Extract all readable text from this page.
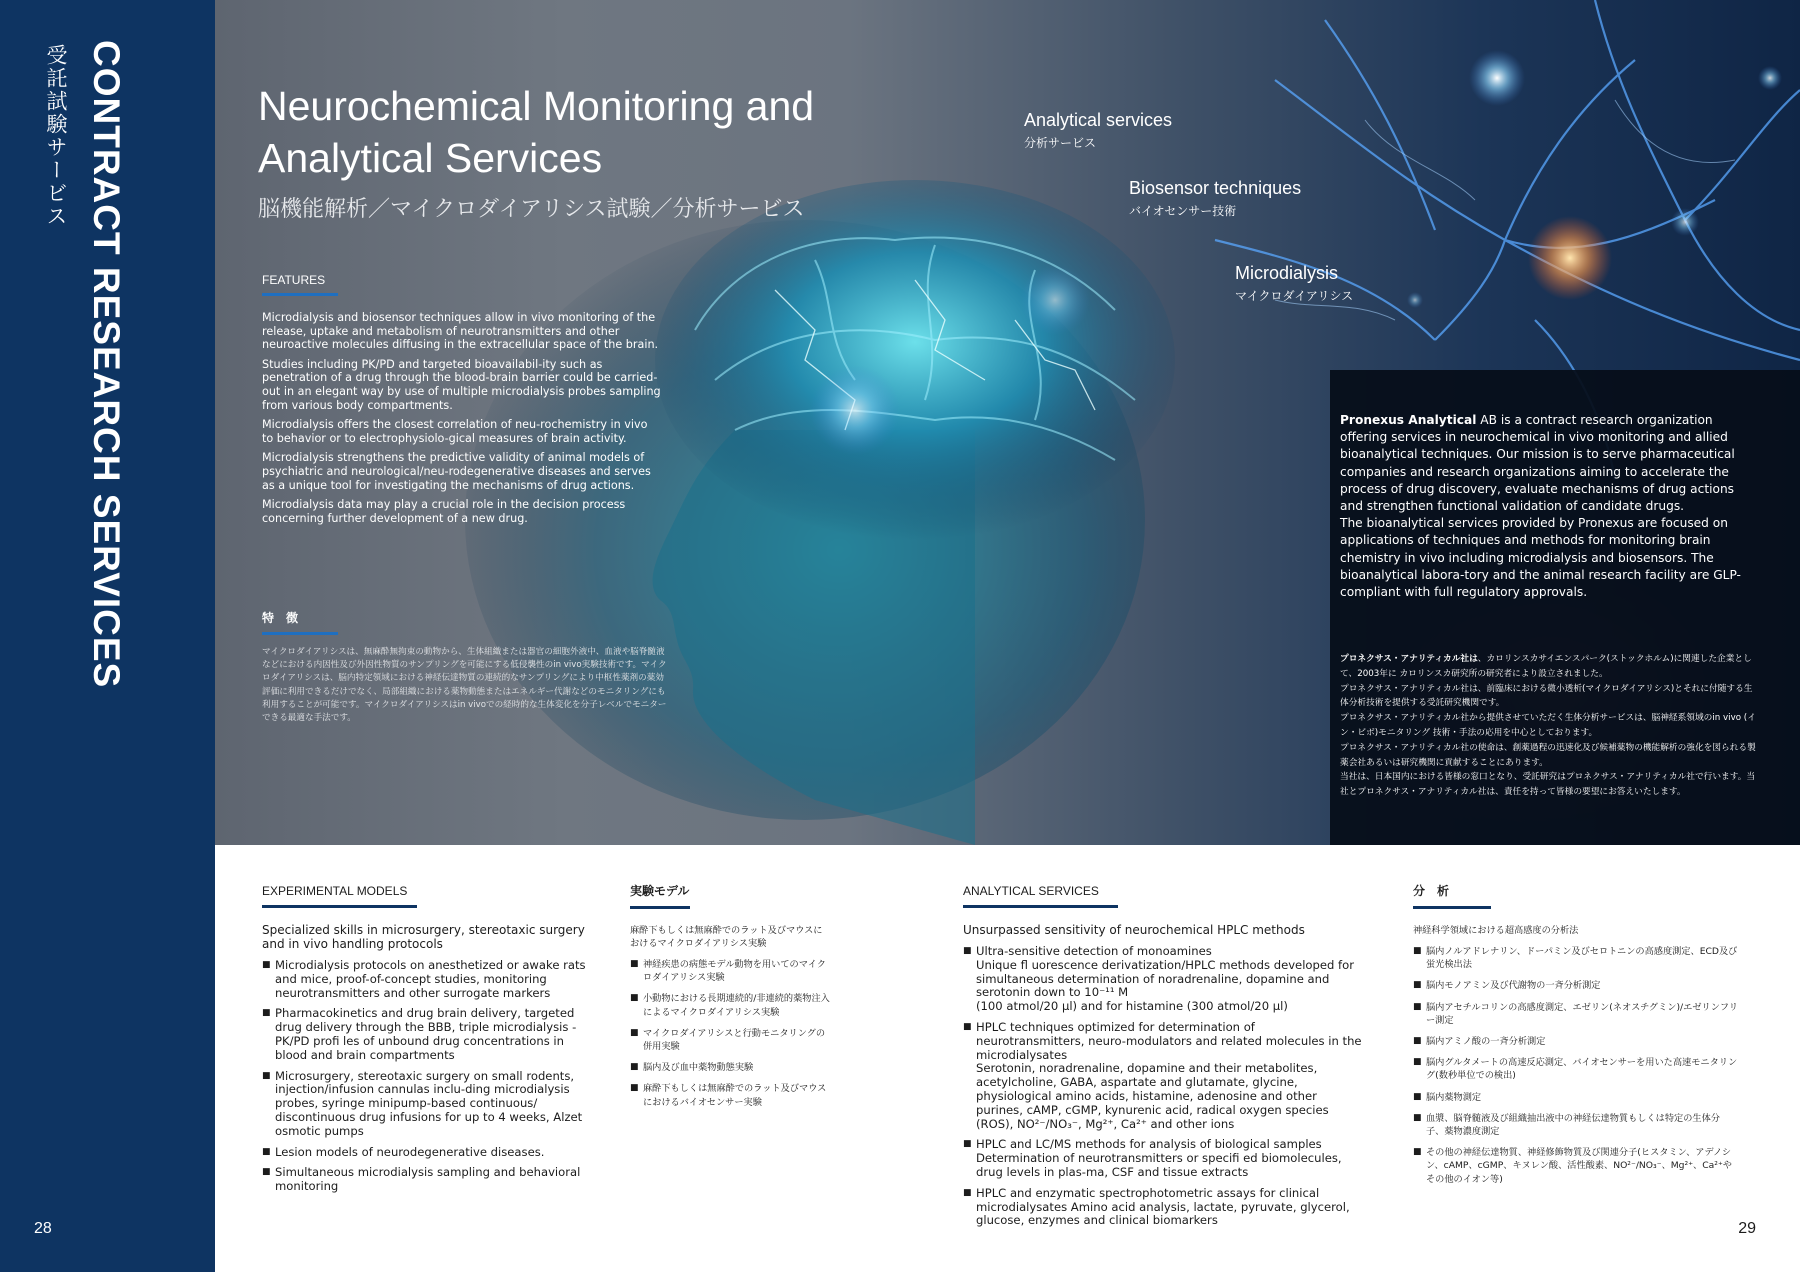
CONTRACT RESEARCH SERVICES
受託試験サービス
28
Neurochemical Monitoring and
Analytical Services
脳機能解析／マイクロダイアリシス試験／分析サービス
FEATURES

Microdialysis and biosensor techniques allow in vivo monitoring of the release, uptake and metabolism of neurotransmitters and other neuroactive molecules diffusing in the extracellular space of the brain.

Studies including PK/PD and targeted bioavailabil-ity such as penetration of a drug through the blood-brain barrier could be carried-out in an elegant way by use of multiple microdialysis probes sampling from various body compartments.

Microdialysis offers the closest correlation of neu-rochemistry in vivo to behavior or to electrophysiolo-gical measures of brain activity.

Microdialysis strengthens the predictive validity of animal models of psychiatric and neurological/neu-rodegenerative diseases and serves as a unique tool for investigating the mechanisms of drug actions.

Microdialysis data may play a crucial role in the decision process concerning further development of a new drug.

特　徴
マイクロダイアリシスは、無麻酔無拘束の動物から、生体組織または器官の細胞外液中、血液や脳脊髄液などにおける内因性及び外因性物質のサンプリングを可能にする低侵襲性のin vivo実験技術です。マイクロダイアリシスは、脳内特定領域における神経伝達物質の連続的なサンプリングにより中枢性薬剤の薬効評価に利用できるだけでなく、局部組織における薬物動態またはエネルギー代謝などのモニタリングにも利用することが可能です。マイクロダイアリシスはin vivoでの経時的な生体変化を分子レベルでモニターできる最適な手法です。
Analytical services
分析サービス
Biosensor techniques
バイオセンサー技術
Microdialysis
マイクロダイアリシス

Pronexus Analytical AB is a contract research organization offering services in neurochemical in vivo monitoring and allied bioanalytical techniques. Our mission is to serve pharmaceutical companies and research organizations aiming to accelerate the process of drug discovery, evaluate mechanisms of drug actions and strengthen functional validation of candidate drugs.

The bioanalytical services provided by Pronexus are focused on applications of techniques and methods for monitoring brain chemistry in vivo including microdialysis and biosensors. The bioanalytical labora-tory and the animal research facility are GLP-compliant with full regulatory approvals.

プロネクサス・アナリティカル社は、カロリンスカサイエンスパーク(ストックホルム)に関連した企業として、2003年に カロリンスカ研究所の研究者により設立されました。

プロネクサス・アナリティカル社は、前臨床における微小透析(マイクロダイアリシス)とそれに付随する生体分析技術を提供する受託研究機関です。

プロネクサス・アナリティカル社から提供させていただく生体分析サービスは、脳神経系領域のin vivo (イン・ビボ)モニタリング 技術・手法の応用を中心としております。

プロネクサス・アナリティカル社の使命は、創薬過程の迅速化及び候補薬物の機能解析の強化を図られる製薬会社あるいは研究機関に貢献することにあります。

当社は、日本国内における皆様の窓口となり、受託研究はプロネクサス・アナリティカル社で行います。当社とプロネクサス・アナリティカル社は、責任を持って皆様の要望にお答えいたします。

EXPERIMENTAL MODELS
Specialized skills in microsurgery, stereotaxic surgery and in vivo handling protocols
■ Microdialysis protocols on anesthetized or awake rats and mice, proof-of-concept studies, monitoring neurotransmitters and other surrogate markers
■ Pharmacokinetics and drug brain delivery, targeted drug delivery through the BBB, triple microdialysis - PK/PD profi les of unbound drug concentrations in blood and brain compartments
■ Microsurgery, stereotaxic surgery on small rodents, injection/infusion cannulas inclu-ding microdialysis probes, syringe minipump-based continuous/ discontinuous drug infusions for up to 4 weeks, Alzet osmotic pumps
■ Lesion models of neurodegenerative diseases.
■ Simultaneous microdialysis sampling and behavioral monitoring
実験モデル
麻酔下もしくは無麻酔でのラット及びマウスにおけるマイクロダイアリシス実験
■ 神経疾患の病態モデル動物を用いてのマイクロダイアリシス実験
■ 小動物における長期連続的/非連続的薬物注入によるマイクロダイアリシス実験
■ マイクロダイアリシスと行動モニタリングの併用実験
■ 脳内及び血中薬物動態実験
■ 麻酔下もしくは無麻酔でのラット及びマウスにおけるバイオセンサー実験
ANALYTICAL SERVICES
Unsurpassed sensitivity of neurochemical HPLC methods
■ Ultra-sensitive detection of monoamines
Unique fl uorescence derivatization/HPLC methods developed for simultaneous determination of noradrenaline, dopamine and serotonin down to 10⁻¹¹ M
(100 atmol/20 μl) and for histamine (300 atmol/20 μl)
■ HPLC techniques optimized for determination of neurotransmitters, neuro-modulators and related molecules in the microdialysates
Serotonin, noradrenaline, dopamine and their metabolites, acetylcholine, GABA, aspartate and glutamate, glycine, physiological amino acids, histamine, adenosine and other purines, cAMP, cGMP, kynurenic acid, radical oxygen species (ROS), NO²⁻/NO₃⁻, Mg²⁺, Ca²⁺ and other ions
■ HPLC and LC/MS methods for analysis of biological samples
Determination of neurotransmitters or specifi ed biomolecules, drug levels in plas-ma, CSF and tissue extracts
■ HPLC and enzymatic spectrophotometric assays for clinical microdialysates Amino acid analysis, lactate, pyruvate, glycerol, glucose, enzymes and clinical biomarkers
分　析
神経科学領域における超高感度の分析法
■ 脳内ノルアドレナリン、ドーパミン及びセロトニンの高感度測定、ECD及び蛍光検出法
■ 脳内モノアミン及び代謝物の一斉分析測定
■ 脳内アセチルコリンの高感度測定、エゼリン(ネオスチグミン)/エゼリンフリー測定
■ 脳内アミノ酸の一斉分析測定
■ 脳内グルタメートの高速反応測定、バイオセンサーを用いた高速モニタリング(数秒単位での検出)
■ 脳内薬物測定
■ 血漿、脳脊髄液及び組織抽出液中の神経伝達物質もしくは特定の生体分子、薬物濃度測定
■ その他の神経伝達物質、神経修飾物質及び関連分子(ヒスタミン、アデノシン、cAMP、cGMP、キヌレン酸、活性酸素、NO²⁻/NO₃⁻、Mg²⁺、Ca²⁺やその他のイオン等)
29
